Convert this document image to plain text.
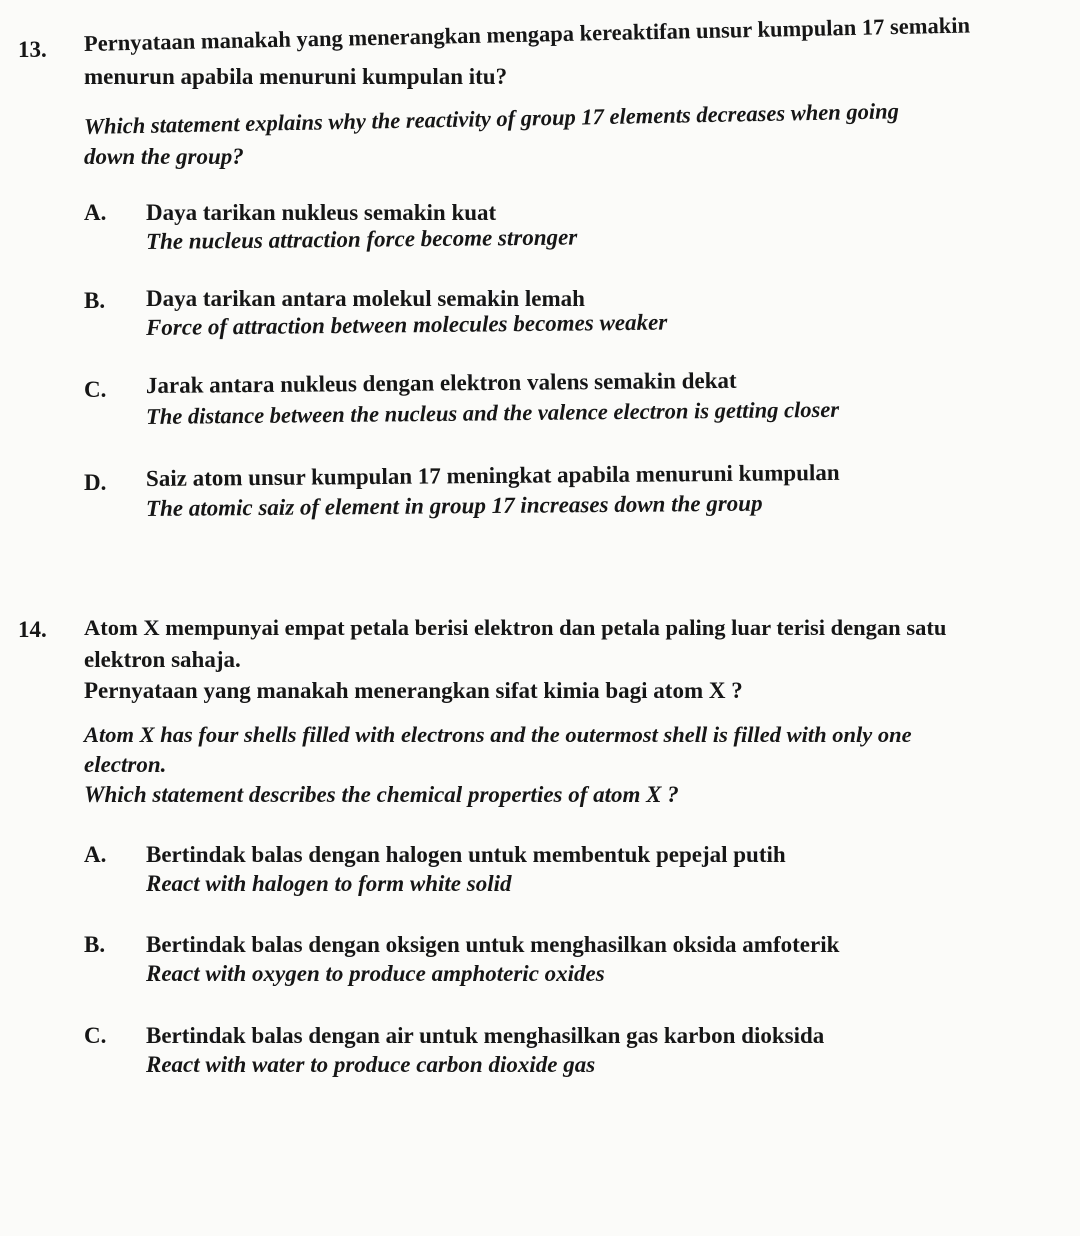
13. Pernyataan manakah yang menerangkan mengapa kereaktifan unsur kumpulan 17 semakin
menurun apabila menuruni kumpulan itu?
Which statement explains why the reactivity of group 17 elements decreases when going
down the group?
A. Daya tarikan nukleus semakin kuat
The nucleus attraction force become stronger
B. Daya tarikan antara molekul semakin lemah
Force of attraction between molecules becomes weaker
C. Jarak antara nukleus dengan elektron valens semakin dekat
The distance between the nucleus and the valence electron is getting closer
D. Saiz atom unsur kumpulan 17 meningkat apabila menuruni kumpulan
The atomic saiz of element in group 17 increases down the group
14. Atom X mempunyai empat petala berisi elektron dan petala paling luar terisi dengan satu
elektron sahaja.
Pernyataan yang manakah menerangkan sifat kimia bagi atom X ?
Atom X has four shells filled with electrons and the outermost shell is filled with only one
electron.
Which statement describes the chemical properties of atom X ?
A. Bertindak balas dengan halogen untuk membentuk pepejal putih
React with halogen to form white solid
B. Bertindak balas dengan oksigen untuk menghasilkan oksida amfoterik
React with oxygen to produce amphoteric oxides
C. Bertindak balas dengan air untuk menghasilkan gas karbon dioksida
React with water to produce carbon dioxide gas
